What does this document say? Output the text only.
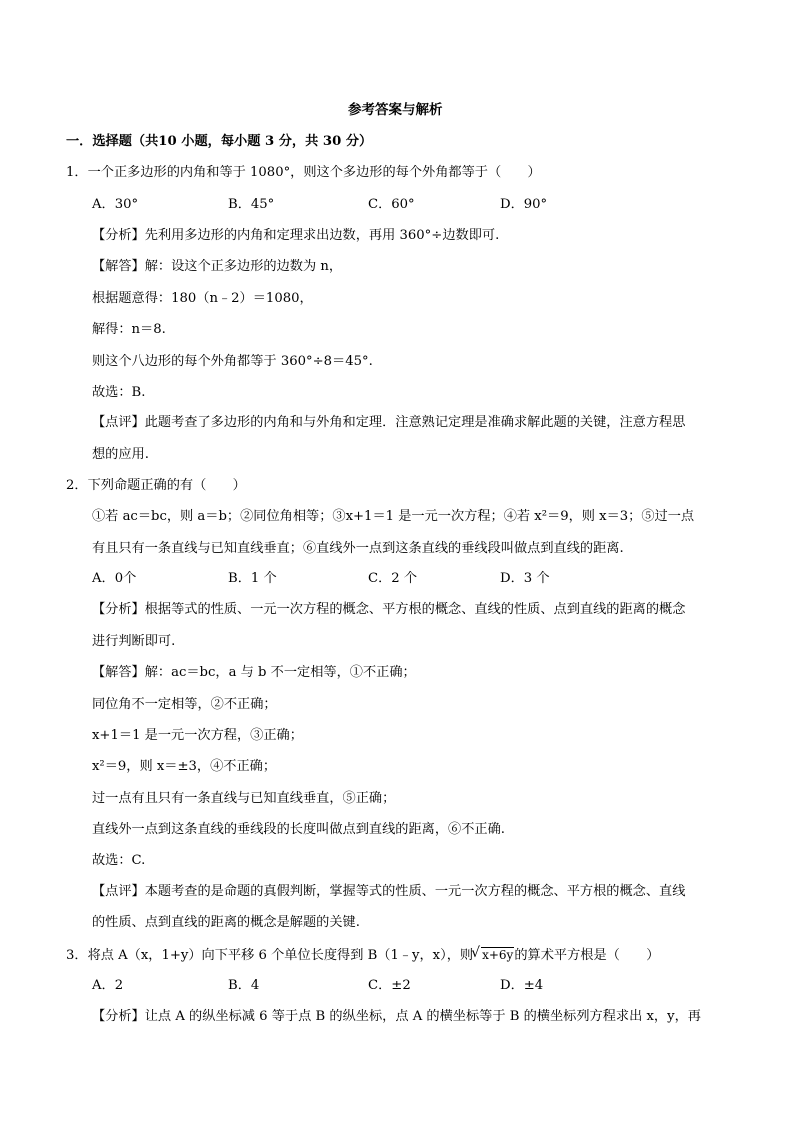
参考答案与解析
一．选择题（共10 小题，每小题 3 分，共 30 分）
1．一个正多边形的内角和等于 1080°，则这个多边形的每个外角都等于（　　）
A．30°	B．45°	C．60°	D．90°
【分析】先利用多边形的内角和定理求出边数，再用 360°÷边数即可.
【解答】解：设这个正多边形的边数为 n，
根据题意得：180（n﹣2）＝1080，
解得：n＝8.
则这个八边形的每个外角都等于 360°÷8＝45°.
故选：B.
【点评】此题考查了多边形的内角和与外角和定理．注意熟记定理是准确求解此题的关键，注意方程思
想的应用.
2．下列命题正确的有（　　）
①若 ac＝bc，则 a＝b；②同位角相等；③x+1＝1 是一元一次方程；④若 x²＝9，则 x＝3；⑤过一点
有且只有一条直线与已知直线垂直；⑥直线外一点到这条直线的垂线段叫做点到直线的距离.
A．0个	B．1 个	C．2 个	D．3 个
【分析】根据等式的性质、一元一次方程的概念、平方根的概念、直线的性质、点到直线的距离的概念
进行判断即可.
【解答】解：ac＝bc，a 与 b 不一定相等，①不正确；
同位角不一定相等，②不正确；
x+1＝1 是一元一次方程，③正确；
x²＝9，则 x＝±3，④不正确；
过一点有且只有一条直线与已知直线垂直，⑤正确；
直线外一点到这条直线的垂线段的长度叫做点到直线的距离，⑥不正确.
故选：C.
【点评】本题考查的是命题的真假判断，掌握等式的性质、一元一次方程的概念、平方根的概念、直线
的性质、点到直线的距离的概念是解题的关键.
3．将点 A（x，1+y）向下平移 6 个单位长度得到 B（1﹣y，x），则√ x+6y的算术平方根是（　　）
A．2	B．4	C．±2	D．±4
【分析】让点 A 的纵坐标减 6 等于点 B 的纵坐标，点 A 的横坐标等于 B 的横坐标列方程求出 x，y，再
